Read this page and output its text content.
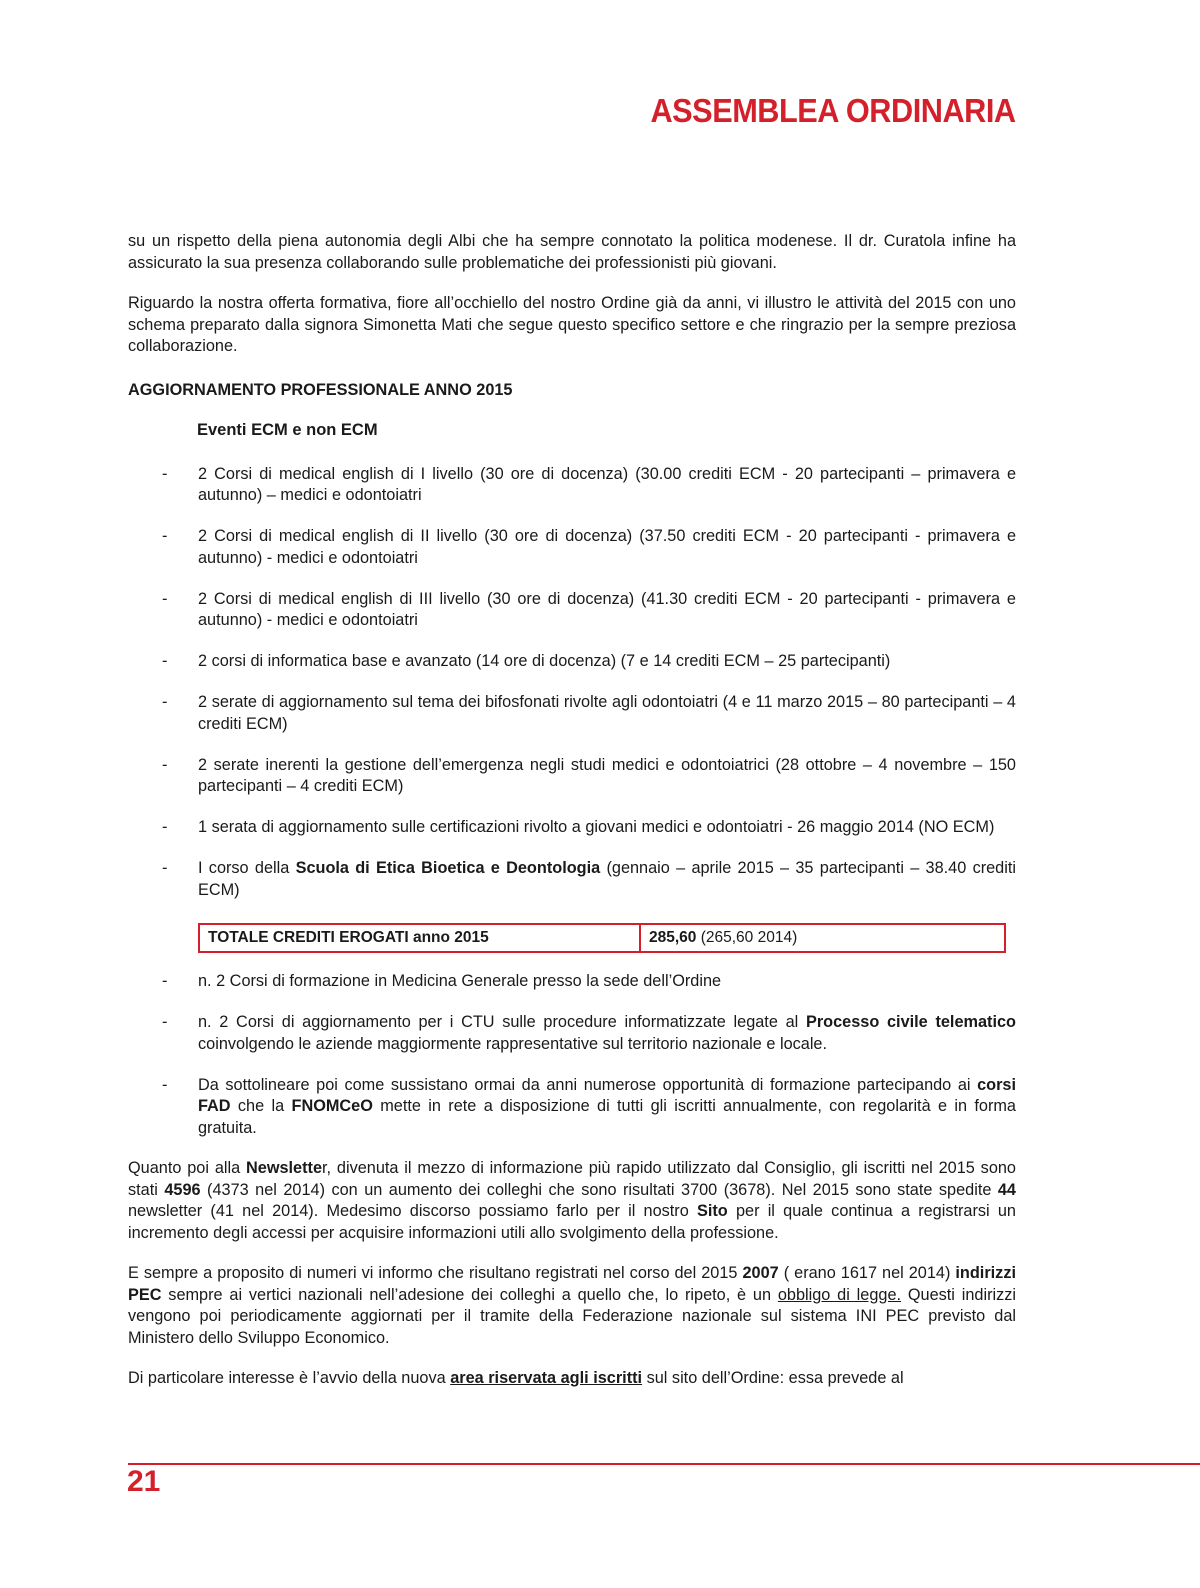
ASSEMBLEA ORDINARIA

su un rispetto della piena autonomia degli Albi che ha sempre connotato la politica modenese. Il dr. Curatola infine ha assicurato la sua presenza collaborando sulle problematiche dei professionisti più giovani.

Riguardo la nostra offerta formativa, fiore all’occhiello del nostro Ordine già da anni, vi illustro le attività del 2015 con uno schema preparato dalla signora Simonetta Mati che segue questo specifico settore e che ringrazio per la sempre preziosa collaborazione.

AGGIORNAMENTO PROFESSIONALE ANNO 2015

Eventi ECM e non ECM

- 2 Corsi di medical english di I livello (30 ore di docenza) (30.00 crediti ECM - 20 partecipanti – primavera e autunno) – medici e odontoiatri
- 2 Corsi di medical english di II livello (30 ore di docenza) (37.50 crediti ECM - 20 partecipanti - primavera e autunno) - medici e odontoiatri
- 2 Corsi di medical english di III livello (30 ore di docenza) (41.30 crediti ECM - 20 partecipanti - primavera e autunno) - medici e odontoiatri
- 2 corsi di informatica base e avanzato (14 ore di docenza) (7 e 14 crediti ECM – 25 partecipanti)
- 2 serate di aggiornamento sul tema dei bifosfonati rivolte agli odontoiatri (4 e 11 marzo 2015 – 80 partecipanti – 4 crediti ECM)
- 2 serate inerenti la gestione dell’emergenza negli studi medici e odontoiatrici (28 ottobre – 4 novembre – 150 partecipanti – 4 crediti ECM)
- 1 serata di aggiornamento sulle certificazioni rivolto a giovani medici e odontoiatri - 26 maggio 2014 (NO ECM)
- I corso della Scuola di Etica Bioetica e Deontologia (gennaio – aprile 2015 – 35 partecipanti – 38.40 crediti ECM)
TOTALE CREDITI EROGATI anno 2015	285,60 (265,60 2014)
- n. 2 Corsi di formazione in Medicina Generale presso la sede dell’Ordine
- n. 2 Corsi di aggiornamento per i CTU sulle procedure informatizzate legate al Processo civile telematico coinvolgendo le aziende maggiormente rappresentative sul territorio nazionale e locale.
- Da sottolineare poi come sussistano ormai da anni numerose opportunità di formazione partecipando ai corsi FAD che la FNOMCeO mette in rete a disposizione di tutti gli iscritti annualmente, con regolarità e in forma gratuita.

Quanto poi alla Newsletter, divenuta il mezzo di informazione più rapido utilizzato dal Consiglio, gli iscritti nel 2015 sono stati 4596 (4373 nel 2014) con un aumento dei colleghi che sono risultati 3700 (3678). Nel 2015 sono state spedite 44 newsletter (41 nel 2014). Medesimo discorso possiamo farlo per il nostro Sito per il quale continua a registrarsi un incremento degli accessi per acquisire informazioni utili allo svolgimento della professione.

E sempre a proposito di numeri vi informo che risultano registrati nel corso del 2015 2007 ( erano 1617 nel 2014) indirizzi PEC sempre ai vertici nazionali nell’adesione dei colleghi a quello che, lo ripeto, è un obbligo di legge. Questi indirizzi vengono poi periodicamente aggiornati per il tramite della Federazione nazionale sul sistema INI PEC previsto dal Ministero dello Sviluppo Economico.

Di particolare interesse è l’avvio della nuova area riservata agli iscritti sul sito dell’Ordine: essa prevede al

21
